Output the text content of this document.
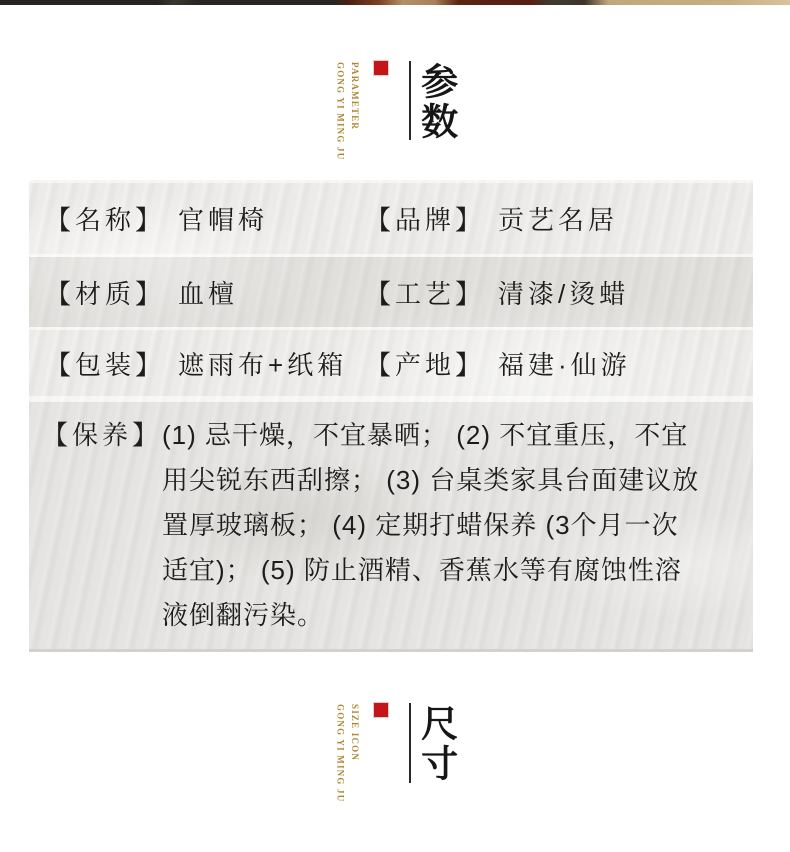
GONG YI MING JU PARAMETER 参数
【名称】 官帽椅	【品牌】 贡艺名居
【材质】 血檀	【工艺】 清漆/烫蜡
【包装】 遮雨布+纸箱 【产地】 福建·仙游
【保养】 (1) 忌干燥，不宜暴晒； (2) 不宜重压，不宜
用尖锐东西刮擦； (3) 台桌类家具台面建议放
置厚玻璃板； (4) 定期打蜡保养 (3个月一次
适宜)； (5) 防止酒精、香蕉水等有腐蚀性溶
液倒翻污染。
GONG YI MING JU SIZE ICON 尺寸
